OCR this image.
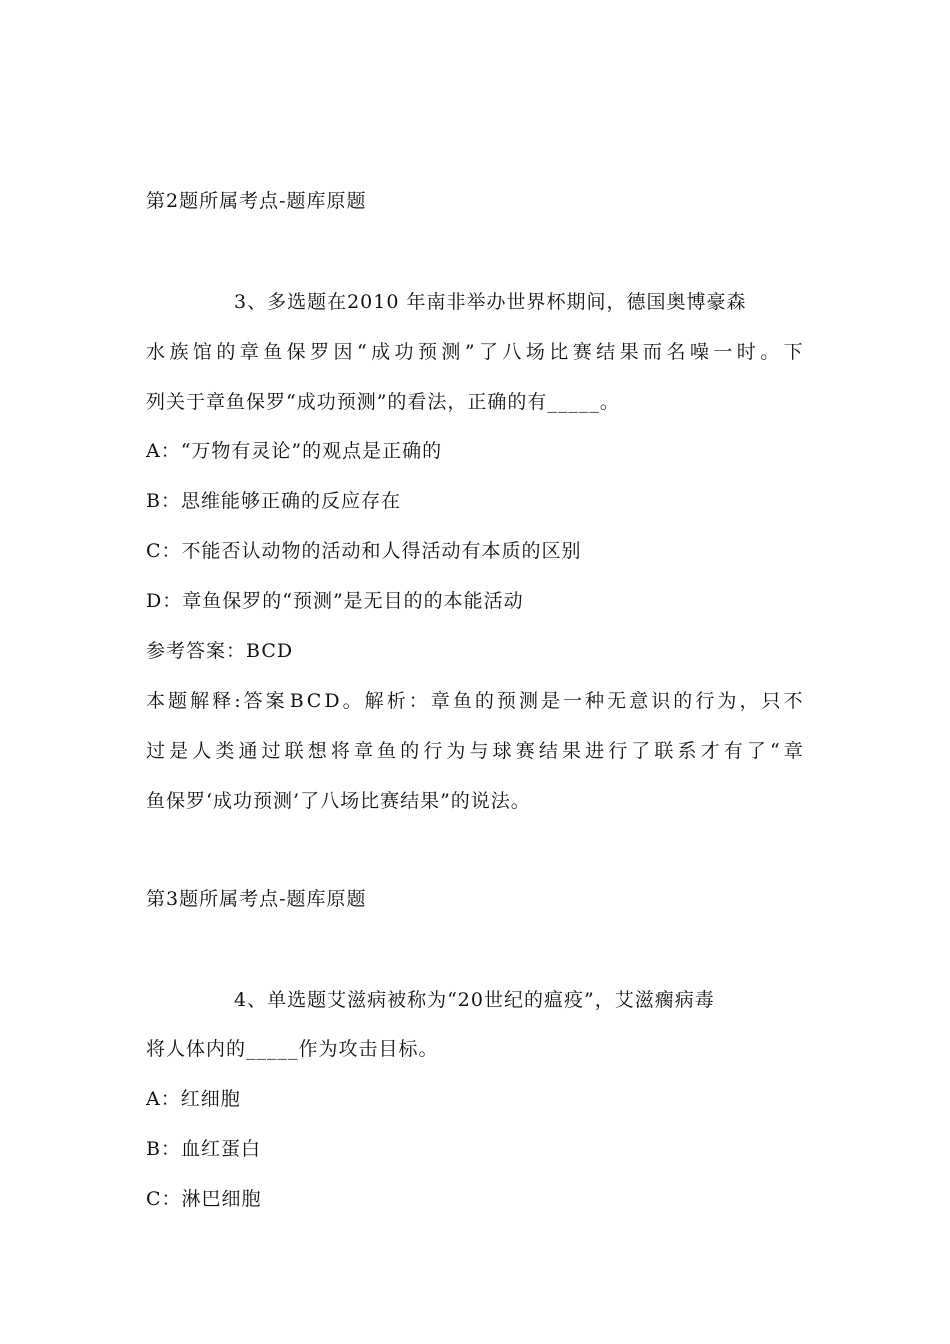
第2题所属考点-题库原题
3、多选题在2010 年南非举办世界杯期间，德国奥博豪森
水 族 馆 的 章 鱼 保 罗 因 “ 成 功 预 测 ” 了 八 场 比 赛 结 果 而 名 噪 一 时 。 下
列关于章鱼保罗“成功预测”的看法，正确的有_____。
A：“万物有灵论”的观点是正确的
B：思维能够正确的反应存在
C：不能否认动物的活动和人得活动有本质的区别
D：章鱼保罗的“预测”是无目的的本能活动
参考答案：BCD
本 题 解 释 : 答 案 B C D 。 解 析 ： 章 鱼 的 预 测 是 一 种 无 意 识 的 行 为 ， 只 不
过 是 人 类 通 过 联 想 将 章 鱼 的 行 为 与 球 赛 结 果 进 行 了 联 系 才 有 了 “ 章
鱼保罗‘成功预测’了八场比赛结果”的说法。
第3题所属考点-题库原题
4、单选题艾滋病被称为“20世纪的瘟疫”，艾滋瘸病毒
将人体内的_____作为攻击目标。
A：红细胞
B：血红蛋白
C：淋巴细胞
